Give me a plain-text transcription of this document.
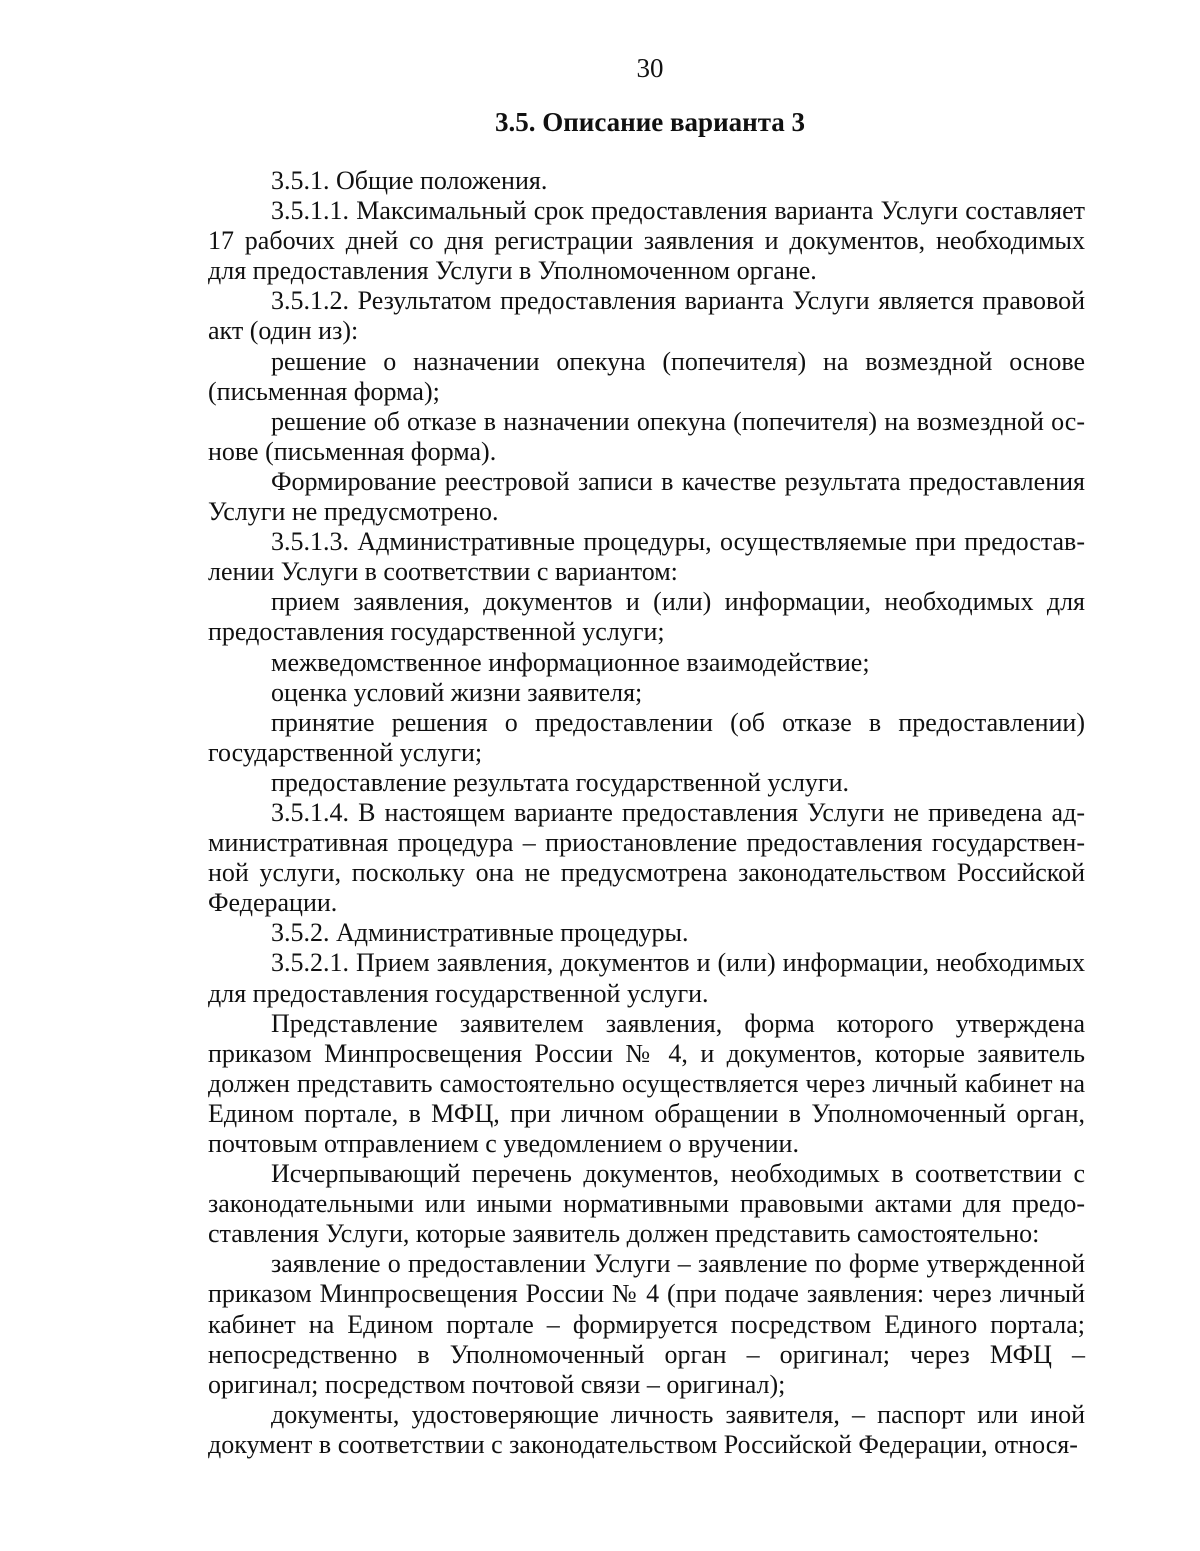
30
3.5. Описание варианта 3

3.5.1. Общие положения.

3.5.1.1. Максимальный срок предоставления варианта Услуги составляет 17 рабочих дней со дня регистрации заявления и документов, необходимых для предоставления Услуги в Уполномоченном органе.

3.5.1.2. Результатом предоставления варианта Услуги является правовой акт (один из):

решение о назначении опекуна (попечителя) на возмездной основе (письменная форма);

решение об отказе в назначении опекуна (попечителя) на возмездной основе (письменная форма).

Формирование реестровой записи в качестве результата предоставления Услуги не предусмотрено.

3.5.1.3. Административные процедуры, осуществляемые при предоставлении Услуги в соответствии с вариантом:

прием заявления, документов и (или) информации, необходимых для предоставления государственной услуги;

межведомственное информационное взаимодействие;

оценка условий жизни заявителя;

принятие решения о предоставлении (об отказе в предоставлении) государственной услуги;

предоставление результата государственной услуги.

3.5.1.4. В настоящем варианте предоставления Услуги не приведена административная процедура – приостановление предоставления государственной услуги, поскольку она не предусмотрена законодательством Российской Федерации.

3.5.2. Административные процедуры.

3.5.2.1. Прием заявления, документов и (или) информации, необходимых для предоставления государственной услуги.

Представление заявителем заявления, форма которого утверждена приказом Минпросвещения России № 4, и документов, которые заявитель должен представить самостоятельно осуществляется через личный кабинет на Едином портале, в МФЦ, при личном обращении в Уполномоченный орган, почтовым отправлением с уведомлением о вручении.

Исчерпывающий перечень документов, необходимых в соответствии с законодательными или иными нормативными правовыми актами для предоставления Услуги, которые заявитель должен представить самостоятельно:

заявление о предоставлении Услуги – заявление по форме утвержденной приказом Минпросвещения России № 4 (при подаче заявления: через личный кабинет на Едином портале – формируется посредством Единого портала; непосредственно в Уполномоченный орган – оригинал; через МФЦ – оригинал; посредством почтовой связи – оригинал);

документы, удостоверяющие личность заявителя, – паспорт или иной документ в соответствии с законодательством Российской Федерации, относя-
